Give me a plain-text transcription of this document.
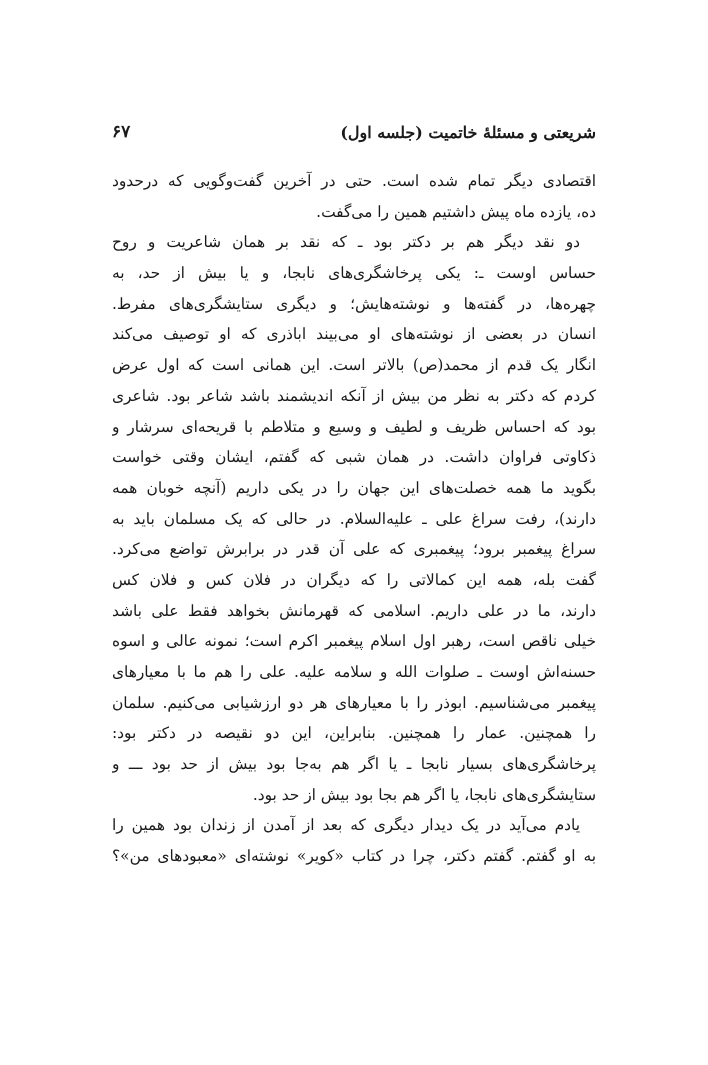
شریعتی و مسئلهٔ خاتمیت (جلسه اول)
۶۷
اقتصادی دیگر تمام شده است. حتی در آخرین گفت‌وگویی که درحدود
ده، یازده ماه پیش داشتیم همین را می‌گفت.
دو نقد دیگر هم بر دکتر بود ـ که نقد بر همان شاعریت و روح
حساس اوست ـ: یکی پرخاشگری‌های نابجا، و یا بیش از حد، به
چهره‌ها، در گفته‌ها و نوشته‌هایش؛ و دیگری ستایشگری‌های مفرط.
انسان در بعضی از نوشته‌های او می‌بیند اباذری که او توصیف می‌کند
انگار یک قدم از محمد(ص) بالاتر است. این همانی است که اول عرض
کردم که دکتر به نظر من بیش از آنکه اندیشمند باشد شاعر بود. شاعری
بود که احساس ظریف و لطیف و وسیع و متلاطم با قریحه‌ای سرشار و
ذکاوتی فراوان داشت. در همان شبی که گفتم، ایشان وقتی خواست
بگوید ما همه خصلت‌های این جهان را در یکی داریم (آنچه خوبان همه
دارند)، رفت سراغ علی ـ علیه‌السلام. در حالی که یک مسلمان باید به
سراغ پیغمبر برود؛ پیغمبری که علی آن قدر در برابرش تواضع می‌کرد.
گفت بله، همه این کمالاتی را که دیگران در فلان کس و فلان کس
دارند، ما در علی داریم. اسلامی که قهرمانش بخواهد فقط علی باشد
خیلی ناقص است، رهبر اول اسلام پیغمبر اکرم است؛ نمونه عالی و اسوه
حسنه‌اش اوست ـ صلوات الله و سلامه علیه. علی را هم ما با معیارهای
پیغمبر می‌شناسیم. ابوذر را با معیارهای هر دو ارزشیابی می‌کنیم. سلمان
را همچنین. عمار را همچنین. بنابراین، این دو نقیصه در دکتر بود:
پرخاشگری‌های بسیار نابجا ـ یا اگر هم به‌جا بود بیش از حد بود ـــ و
ستایشگری‌های نابجا، یا اگر هم بجا بود بیش از حد بود.
یادم می‌آید در یک دیدار دیگری که بعد از آمدن از زندان بود همین را
به او گفتم. گفتم دکتر، چرا در کتاب «کویر» نوشته‌ای «معبودهای من»؟
